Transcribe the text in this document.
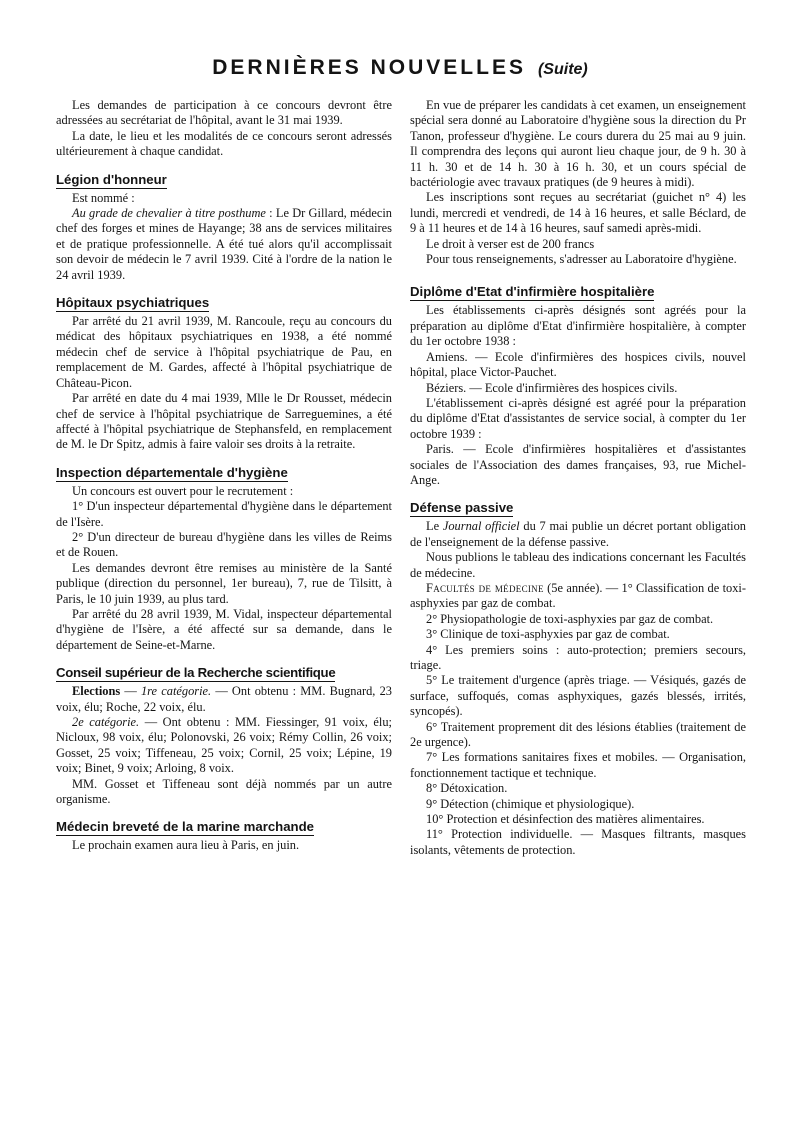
DERNIÈRES NOUVELLES (Suite)

Les demandes de participation à ce concours devront être adressées au secrétariat de l'hôpital, avant le 31 mai 1939.

La date, le lieu et les modalités de ce concours seront adressés ultérieurement à chaque candidat.

Légion d'honneur

Est nommé :

Au grade de chevalier à titre posthume : Le Dr Gillard, médecin chef des forges et mines de Hayange; 38 ans de services militaires et de pratique professionnelle. A été tué alors qu'il accomplissait son devoir de médecin le 7 avril 1939. Cité à l'ordre de la nation le 24 avril 1939.

Hôpitaux psychiatriques

Par arrêté du 21 avril 1939, M. Rancoule, reçu au concours du médicat des hôpitaux psychiatriques en 1938, a été nommé médecin chef de service à l'hôpital psychiatrique de Pau, en remplacement de M. Gardes, affecté à l'hôpital psychiatrique de Château-Picon.

Par arrêté en date du 4 mai 1939, Mlle le Dr Rousset, médecin chef de service à l'hôpital psychiatrique de Sarreguemines, a été affecté à l'hôpital psychiatrique de Stephansfeld, en remplacement de M. le Dr Spitz, admis à faire valoir ses droits à la retraite.

Inspection départementale d'hygiène

Un concours est ouvert pour le recrutement :

1° D'un inspecteur départemental d'hygiène dans le département de l'Isère.

2° D'un directeur de bureau d'hygiène dans les villes de Reims et de Rouen.

Les demandes devront être remises au ministère de la Santé publique (direction du personnel, 1er bureau), 7, rue de Tilsitt, à Paris, le 10 juin 1939, au plus tard.

Par arrêté du 28 avril 1939, M. Vidal, inspecteur départemental d'hygiène de l'Isère, a été affecté sur sa demande, dans le département de Seine-et-Marne.

Conseil supérieur de la Recherche scientifique

Elections — 1re catégorie. — Ont obtenu : MM. Bugnard, 23 voix, élu; Roche, 22 voix, élu.

2e catégorie. — Ont obtenu : MM. Fiessinger, 91 voix, élu; Nicloux, 98 voix, élu; Polonovski, 26 voix; Rémy Collin, 26 voix; Gosset, 25 voix; Tiffeneau, 25 voix; Cornil, 25 voix; Lépine, 19 voix; Binet, 9 voix; Arloing, 8 voix.

MM. Gosset et Tiffeneau sont déjà nommés par un autre organisme.

Médecin breveté de la marine marchande

Le prochain examen aura lieu à Paris, en juin.

En vue de préparer les candidats à cet examen, un enseignement spécial sera donné au Laboratoire d'hygiène sous la direction du Pr Tanon, professeur d'hygiène. Le cours durera du 25 mai au 9 juin. Il comprendra des leçons qui auront lieu chaque jour, de 9 h. 30 à 11 h. 30 et de 14 h. 30 à 16 h. 30, et un cours spécial de bactériologie avec travaux pratiques (de 9 heures à midi).

Les inscriptions sont reçues au secrétariat (guichet n° 4) les lundi, mercredi et vendredi, de 14 à 16 heures, et salle Béclard, de 9 à 11 heures et de 14 à 16 heures, sauf samedi après-midi.

Le droit à verser est de 200 francs

Pour tous renseignements, s'adresser au Laboratoire d'hygiène.

Diplôme d'Etat d'infirmière hospitalière

Les établissements ci-après désignés sont agréés pour la préparation au diplôme d'Etat d'infirmière hospitalière, à compter du 1er octobre 1938 :

Amiens. — Ecole d'infirmières des hospices civils, nouvel hôpital, place Victor-Pauchet.

Béziers. — Ecole d'infirmières des hospices civils.

L'établissement ci-après désigné est agréé pour la préparation du diplôme d'Etat d'assistantes de service social, à compter du 1er octobre 1939 :

Paris. — Ecole d'infirmières hospitalières et d'assistantes sociales de l'Association des dames françaises, 93, rue Michel-Ange.

Défense passive

Le Journal officiel du 7 mai publie un décret portant obligation de l'enseignement de la défense passive.

Nous publions le tableau des indications concernant les Facultés de médecine.

Facultés de médecine (5e année). — 1° Classification de toxi-asphyxies par gaz de combat.

2° Physiopathologie de toxi-asphyxies par gaz de combat.

3° Clinique de toxi-asphyxies par gaz de combat.

4° Les premiers soins : auto-protection; premiers secours, triage.

5° Le traitement d'urgence (après triage. — Vésiqués, gazés de surface, suffoqués, comas asphyxiques, gazés blessés, irrités, syncopés).

6° Traitement proprement dit des lésions établies (traitement de 2e urgence).

7° Les formations sanitaires fixes et mobiles. — Organisation, fonctionnement tactique et technique.

8° Détoxication.

9° Détection (chimique et physiologique).

10° Protection et désinfection des matières alimentaires.

11° Protection individuelle. — Masques filtrants, masques isolants, vêtements de protection.
